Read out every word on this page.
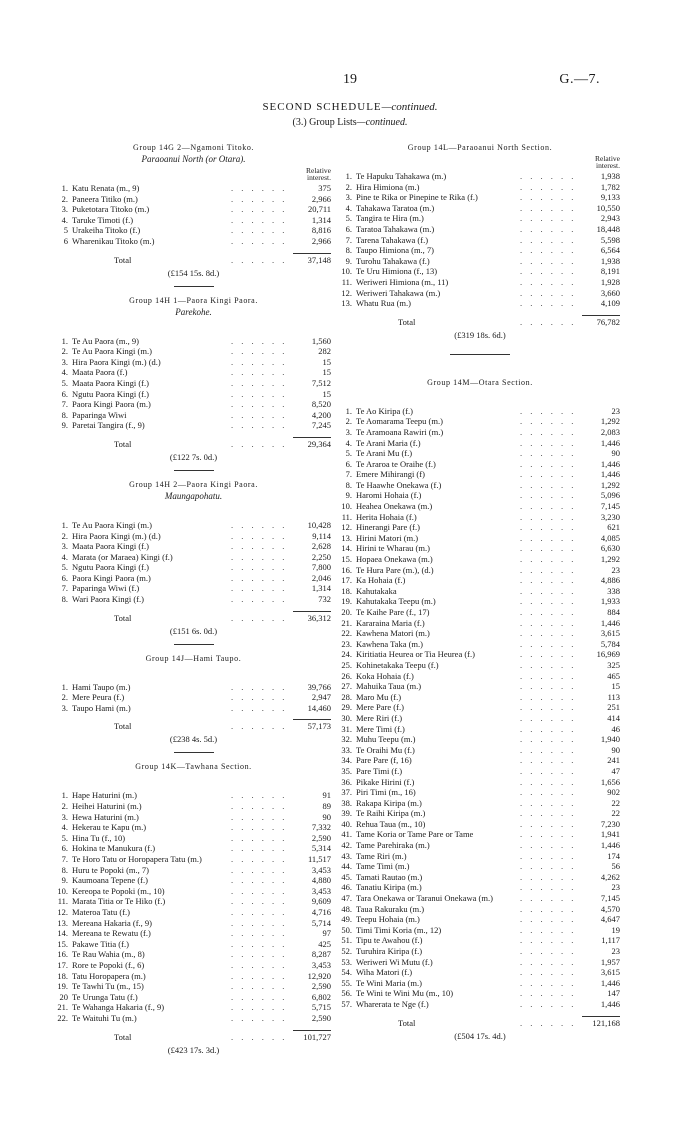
19	G.—7.
SECOND SCHEDULE—continued.
(3.) Group Lists—continued.
Group 14G 2—Ngamoni Titoko.
Paraoanui North (or Otara).
Relative
interest.
1. Katu Renata (m., 9)	. . . . . .	375
2. Paneera Titiko (m.)	. . . . . .	2,966
3. Puketotara Titoko (m.)	. . . . . .	20,711
4. Taruke Timoti (f.)	. . . . . .	1,314
5 Urakeiha Titoko (f.)	. . . . . .	8,816
6 Wharenikau Titoko (m.)	. . . . . .	2,966
Total	. . . . . .	37,148
(£154 15s. 8d.)
Group 14H 1—Paora Kingi Paora.
Parekohe.
1. Te Au Paora (m., 9)	. . . . . .	1,560
2. Te Au Paora Kingi (m.)	. . . . . .	282
3. Hira Paora Kingi (m.) (d.)	. . . . . .	15
4. Maata Paora (f.)	. . . . . .	15
5. Maata Paora Kingi (f.)	. . . . . .	7,512
6. Ngutu Paora Kingi (f.)	. . . . . .	15
7. Paora Kingi Paora (m.)	. . . . . .	8,520
8. Paparinga Wiwi	. . . . . .	4,200
9. Paretai Tangira (f., 9)	. . . . . .	7,245
Total	. . . . . .	29,364
(£122 7s. 0d.)
Group 14H 2—Paora Kingi Paora.
Maungapohatu.
1. Te Au Paora Kingi (m.)	. . . . . .	10,428
2. Hira Paora Kingi (m.) (d.)	. . . . . .	9,114
3. Maata Paora Kingi (f.)	. . . . . .	2,628
4. Marata (or Maraea) Kingi (f.)	. . . . . .	2,250
5. Ngutu Paora Kingi (f.)	. . . . . .	7,800
6. Paora Kingi Paora (m.)	. . . . . .	2,046
7. Paparinga Wiwi (f.)	. . . . . .	1,314
8. Wari Paora Kingi (f.)	. . . . . .	732
Total	. . . . . .	36,312
(£151 6s. 0d.)
Group 14J—Hami Taupo.
1. Hami Taupo (m.)	. . . . . .	39,766
2. Mere Peura (f.)	. . . . . .	2,947
3. Taupo Hami (m.)	. . . . . .	14,460
Total	. . . . . .	57,173
(£238 4s. 5d.)
Group 14K—Tawhana Section.
1. Hape Haturini (m.)	. . . . . .	91
2. Heihei Haturini (m.)	. . . . . .	89
3. Hewa Haturini (m.)	. . . . . .	90
4. Hekerau te Kapu (m.)	. . . . . .	7,332
5. Hina Tu (f., 10)	. . . . . .	2,590
6. Hokina te Manukura (f.)	. . . . . .	5,314
7. Te Horo Tatu or Horopapera Tatu (m.)	. . . . . .	11,517
8. Huru te Popoki (m., 7)	. . . . . .	3,453
9. Kaumoana Tepene (f.)	. . . . . .	4,880
10. Kereopa te Popoki (m., 10)	. . . . . .	3,453
11. Marata Titia or Te Hiko (f.)	. . . . . .	9,609
12. Materoa Tatu (f.)	. . . . . .	4,716
13. Mereana Hakaria (f., 9)	. . . . . .	5,714
14. Mereana te Rewatu (f.)	. . . . . .	97
15. Pakawe Titia (f.)	. . . . . .	425
16. Te Rau Wahia (m., 8)	. . . . . .	8,287
17. Rore te Popoki (f., 6)	. . . . . .	3,453
18. Tatu Horopapera (m.)	. . . . . .	12,920
19. Te Tawhi Tu (m., 15)	. . . . . .	2,590
20 Te Urunga Tatu (f.)	. . . . . .	6,802
21. Te Wahanga Hakaria (f., 9)	. . . . . .	5,715
22. Te Waituhi Tu (m.)	. . . . . .	2,590
Total	. . . . . .	101,727
(£423 17s. 3d.)
Group 14L—Paraoanui North Section.
Relative
interest.
1. Te Hapuku Tahakawa (m.)	. . . . . .	1,938
2. Hira Himiona (m.)	. . . . . .	1,782
3. Pine te Rika or Pinepine te Rika (f.)	. . . . . .	9,133
4. Tahakawa Taratoa (m.)	. . . . . .	10,550
5. Tangira te Hira (m.)	. . . . . .	2,943
6. Taratoa Tahakawa (m.)	. . . . . .	18,448
7. Tarena Tahakawa (f.)	. . . . . .	5,598
8. Taupo Himiona (m., 7)	. . . . . .	6,564
9. Turohu Tahakawa (f.)	. . . . . .	1,938
10. Te Uru Himiona (f., 13)	. . . . . .	8,191
11. Weriweri Himiona (m., 11)	. . . . . .	1,928
12. Weriweri Tahakawa (m.)	. . . . . .	3,660
13. Whatu Rua (m.)	. . . . . .	4,109
Total	. . . . . .	76,782
(£319 18s. 6d.)
Group 14M—Otara Section.
1. Te Ao Kiripa (f.)	. . . . . .	23
2. Te Aomarama Teepu (m.)	. . . . . .	1,292
3. Te Aramoana Rawiri (m.)	. . . . . .	2,083
4. Te Arani Maria (f.)	. . . . . .	1,446
5. Te Arani Mu (f.)	. . . . . .	90
6. Te Araroa te Oraihe (f.)	. . . . . .	1,446
7. Emere Mihirangi (f)	. . . . . .	1,446
8. Te Haawhe Onekawa (f.)	. . . . . .	1,292
9. Haromi Hohaia (f.)	. . . . . .	5,096
10. Heahea Onekawa (m.)	. . . . . .	7,145
11. Herita Hohaia (f.)	. . . . . .	3,230
12. Hinerangi Pare (f.)	. . . . . .	621
13. Hirini Matori (m.)	. . . . . .	4,085
14. Hirini te Wharau (m.)	. . . . . .	6,630
15. Hopaea Onekawa (m.)	. . . . . .	1,292
16. Te Hura Pare (m.), (d.)	. . . . . .	23
17. Ka Hohaia (f.)	. . . . . .	4,886
18. Kahutakaka	. . . . . .	338
19. Kahutakaka Teepu (m.)	. . . . . .	1,933
20. Te Kaihe Pare (f., 17)	. . . . . .	884
21. Kararaina Maria (f.)	. . . . . .	1,446
22. Kawhena Matori (m.)	. . . . . .	3,615
23. Kawhena Taka (m.)	. . . . . .	5,784
24. Kiritiatia Heurea or Tia Heurea (f.)	. . . . . .	16,969
25. Kohinetakaka Teepu (f.)	. . . . . .	325
26. Koka Hohaia (f.)	. . . . . .	465
27. Mahuika Taua (m.)	. . . . . .	15
28. Maro Mu (f.)	. . . . . .	113
29. Mere Pare (f.)	. . . . . .	251
30. Mere Riri (f.)	. . . . . .	414
31. Mere Timi (f.)	. . . . . .	46
32. Muhu Teepu (m.)	. . . . . .	1,940
33. Te Oraihi Mu (f.)	. . . . . .	90
34. Pare Pare (f, 16)	. . . . . .	241
35. Pare Timi (f.)	. . . . . .	47
36. Pikake Hirini (f.)	. . . . . .	1,656
37. Piri Timi (m., 16)	. . . . . .	902
38. Rakapa Kiripa (m.)	. . . . . .	22
39. Te Raihi Kiripa (m.)	. . . . . .	22
40. Rehua Taua (m., 10)	. . . . . .	7,230
41. Tame Koria or Tame Pare or Tame	. . . . . .	1,941
42. Tame Parehiraka (m.)	. . . . . .	1,446
43. Tame Riri (m.)	. . . . . .	174
44. Tame Timi (m.)	. . . . . .	56
45. Tamati Rautao (m.)	. . . . . .	4,262
46. Tanatiu Kiripa (m.)	. . . . . .	23
47. Tara Onekawa or Taranui Onekawa (m.)	. . . . . .	7,145
48. Taua Rakuraku (m.)	. . . . . .	4,570
49. Teepu Hohaia (m.)	. . . . . .	4,647
50. Timi Timi Koria (m., 12)	. . . . . .	19
51. Tipu te Awahou (f.)	. . . . . .	1,117
52. Turuhira Kiripa (f.)	. . . . . .	23
53. Weriweri Wi Mutu (f.)	. . . . . .	1,957
54. Wiha Matori (f.)	. . . . . .	3,615
55. Te Wini Maria (m.)	. . . . . .	1,446
56. Te Wini te Wini Mu (m., 10)	. . . . . .	147
57. Wharerata te Nge (f.)	. . . . . .	1,446
Total	. . . . . .	121,168
(£504 17s. 4d.)
